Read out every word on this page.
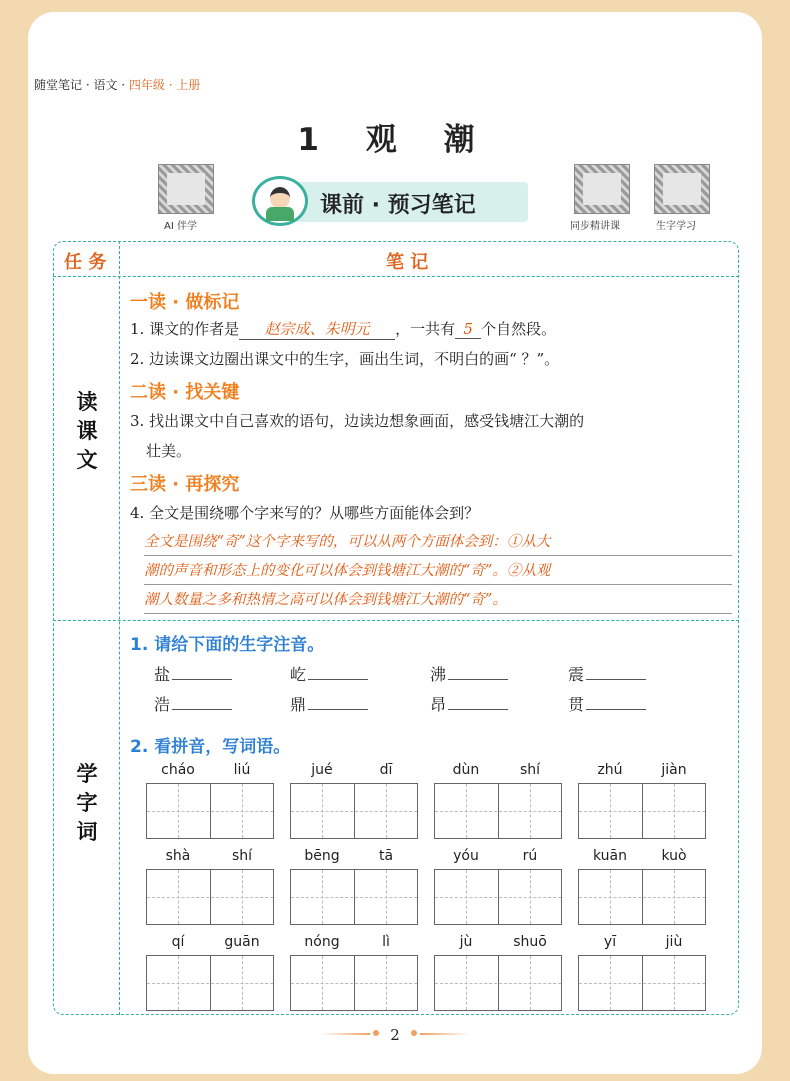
随堂笔记 · 语文 · 四年级 · 上册
1 观 潮
AI 伴学	同步精讲课	生字学习
课前 · 预习笔记
任 务	笔 记
读
课
文
学
字
词
一读 · 做标记
1. 课文的作者是 赵宗成、朱明元 ，一共有 5 个自然段。
2. 边读课文边圈出课文中的生字，画出生词，不明白的画“ ？”。
二读 · 找关键
3. 找出课文中自己喜欢的语句，边读边想象画面，感受钱塘江大潮的
壮美。
三读 · 再探究
4. 全文是围绕哪个字来写的？从哪些方面能体会到？
全文是围绕“奇”这个字来写的，可以从两个方面体会到：①从大
潮的声音和形态上的变化可以体会到钱塘江大潮的“奇”。②从观
潮人数量之多和热情之高可以体会到钱塘江大潮的“奇”。
1. 请给下面的生字注音。
盐	屹	沸	震
浩	鼎	昂	贯
2. 看拼音，写词语。
cháo	liú	jué	dī	dùn	shí	zhú	jiàn
shà	shí	bēng	tā	yóu	rú	kuān	kuò
qí	guān	nóng	lì	jù	shuō	yī	jiù
2
